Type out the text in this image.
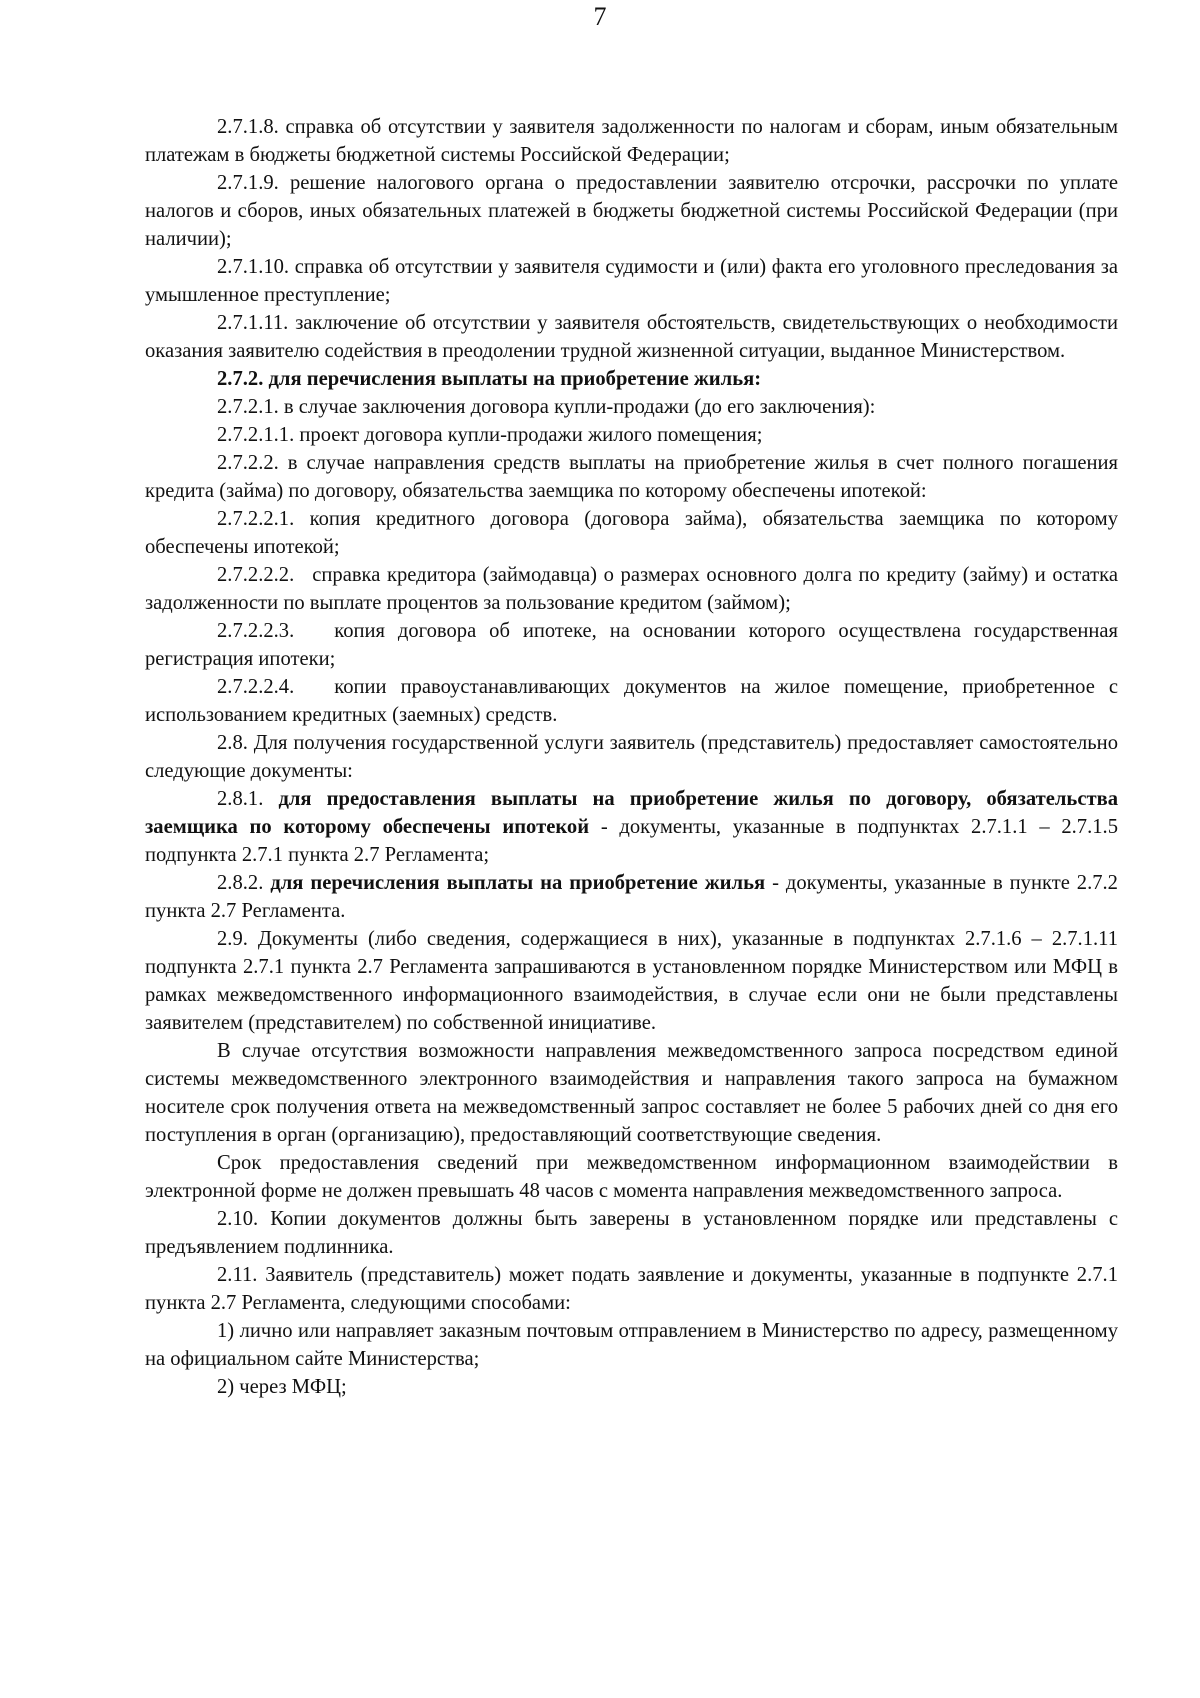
7

2.7.1.8. справка об отсутствии у заявителя задолженности по налогам и сборам, иным обязательным платежам в бюджеты бюджетной системы Российской Федерации;

2.7.1.9. решение налогового органа о предоставлении заявителю отсрочки, рассрочки по уплате налогов и сборов, иных обязательных платежей в бюджеты бюджетной системы Российской Федерации (при наличии);

2.7.1.10. справка об отсутствии у заявителя судимости и (или) факта его уголовного преследования за умышленное преступление;

2.7.1.11. заключение об отсутствии у заявителя обстоятельств, свидетельствующих о необходимости оказания заявителю содействия в преодолении трудной жизненной ситуации, выданное Министерством.

2.7.2. для перечисления выплаты на приобретение жилья:

2.7.2.1. в случае заключения договора купли-продажи (до его заключения):

2.7.2.1.1. проект договора купли-продажи жилого помещения;

2.7.2.2. в случае направления средств выплаты на приобретение жилья в счет полного погашения кредита (займа) по договору, обязательства заемщика по которому обеспечены ипотекой:

2.7.2.2.1. копия кредитного договора (договора займа), обязательства заемщика по которому обеспечены ипотекой;

2.7.2.2.2. справка кредитора (займодавца) о размерах основного долга по кредиту (займу) и остатка задолженности по выплате процентов за пользование кредитом (займом);

2.7.2.2.3. копия договора об ипотеке, на основании которого осуществлена государственная регистрация ипотеки;

2.7.2.2.4. копии правоустанавливающих документов на жилое помещение, приобретенное с использованием кредитных (заемных) средств.

2.8. Для получения государственной услуги заявитель (представитель) предоставляет самостоятельно следующие документы:

2.8.1. для предоставления выплаты на приобретение жилья по договору, обязательства заемщика по которому обеспечены ипотекой - документы, указанные в подпунктах 2.7.1.1 – 2.7.1.5 подпункта 2.7.1 пункта 2.7 Регламента;

2.8.2. для перечисления выплаты на приобретение жилья - документы, указанные в пункте 2.7.2 пункта 2.7 Регламента.

2.9. Документы (либо сведения, содержащиеся в них), указанные в подпунктах 2.7.1.6 – 2.7.1.11 подпункта 2.7.1 пункта 2.7 Регламента запрашиваются в установленном порядке Министерством или МФЦ в рамках межведомственного информационного взаимодействия, в случае если они не были представлены заявителем (представителем) по собственной инициативе.

В случае отсутствия возможности направления межведомственного запроса посредством единой системы межведомственного электронного взаимодействия и направления такого запроса на бумажном носителе срок получения ответа на межведомственный запрос составляет не более 5 рабочих дней со дня его поступления в орган (организацию), предоставляющий соответствующие сведения.

Срок предоставления сведений при межведомственном информационном взаимодействии в электронной форме не должен превышать 48 часов с момента направления межведомственного запроса.

2.10. Копии документов должны быть заверены в установленном порядке или представлены с предъявлением подлинника.

2.11. Заявитель (представитель) может подать заявление и документы, указанные в подпункте 2.7.1 пункта 2.7 Регламента, следующими способами:

1) лично или направляет заказным почтовым отправлением в Министерство по адресу, размещенному на официальном сайте Министерства;

2) через МФЦ;
